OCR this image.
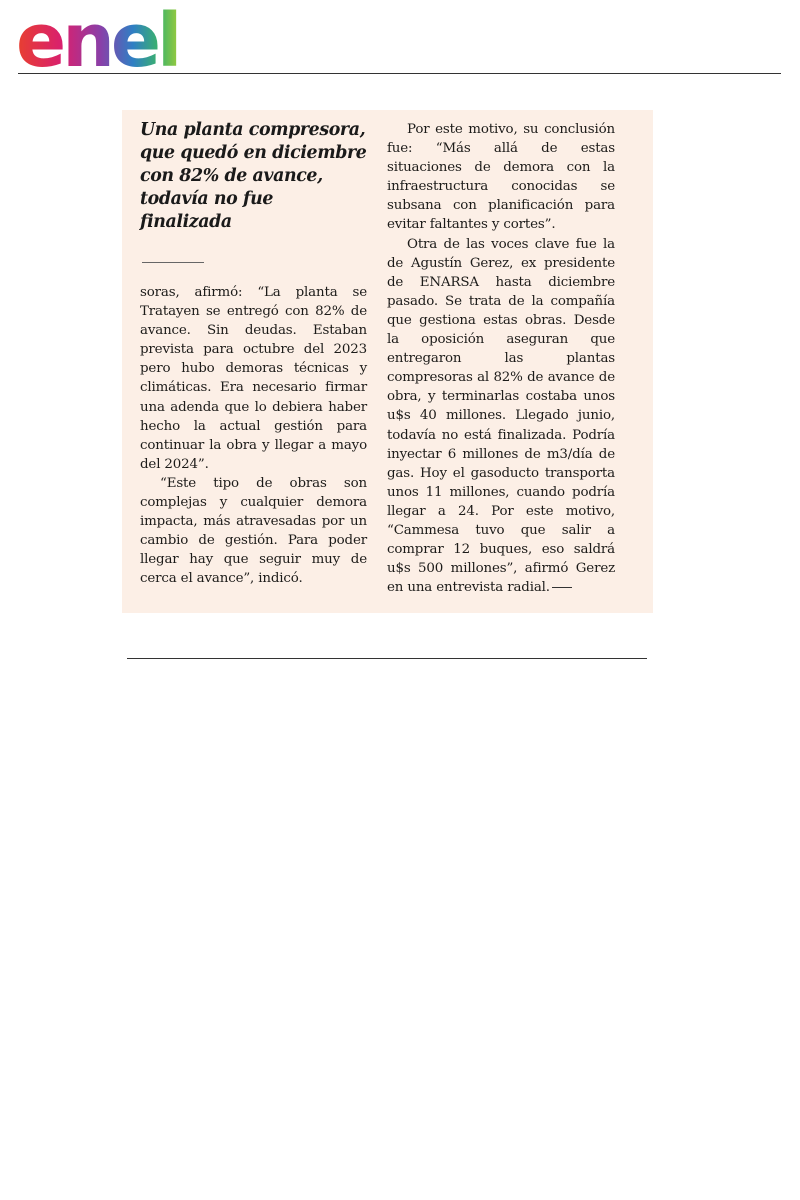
enel
Una planta compresora, que quedó en diciembre con 82% de avance, todavía no fue finalizada

soras, afirmó: “La planta se Tratayen se entregó con 82% de avance. Sin deudas. Estaban prevista para octubre del 2023 pero hubo demoras técnicas y climáticas. Era necesario firmar una adenda que lo debiera haber hecho la actual gestión para continuar la obra y llegar a mayo del 2024”.

“Este tipo de obras son complejas y cualquier demora impacta, más atravesadas por un cambio de gestión. Para poder llegar hay que seguir muy de cerca el avance”, indicó.

Por este motivo, su conclusión fue: “Más allá de estas situaciones de demora con la infraestructura conocidas se subsana con planificación para evitar faltantes y cortes”.

Otra de las voces clave fue la de Agustín Gerez, ex presidente de ENARSA hasta diciembre pasado. Se trata de la compañía que gestiona estas obras. Desde la oposición aseguran que entregaron las plantas compresoras al 82% de avance de obra, y terminarlas costaba unos u$s 40 millones. Llegado junio, todavía no está finalizada. Podría inyectar 6 millones de m3/día de gas. Hoy el gasoducto transporta unos 11 millones, cuando podría llegar a 24. Por este motivo, “Cammesa tuvo que salir a comprar 12 buques, eso saldrá u$s 500 millones”, afirmó Gerez en una entrevista radial.
